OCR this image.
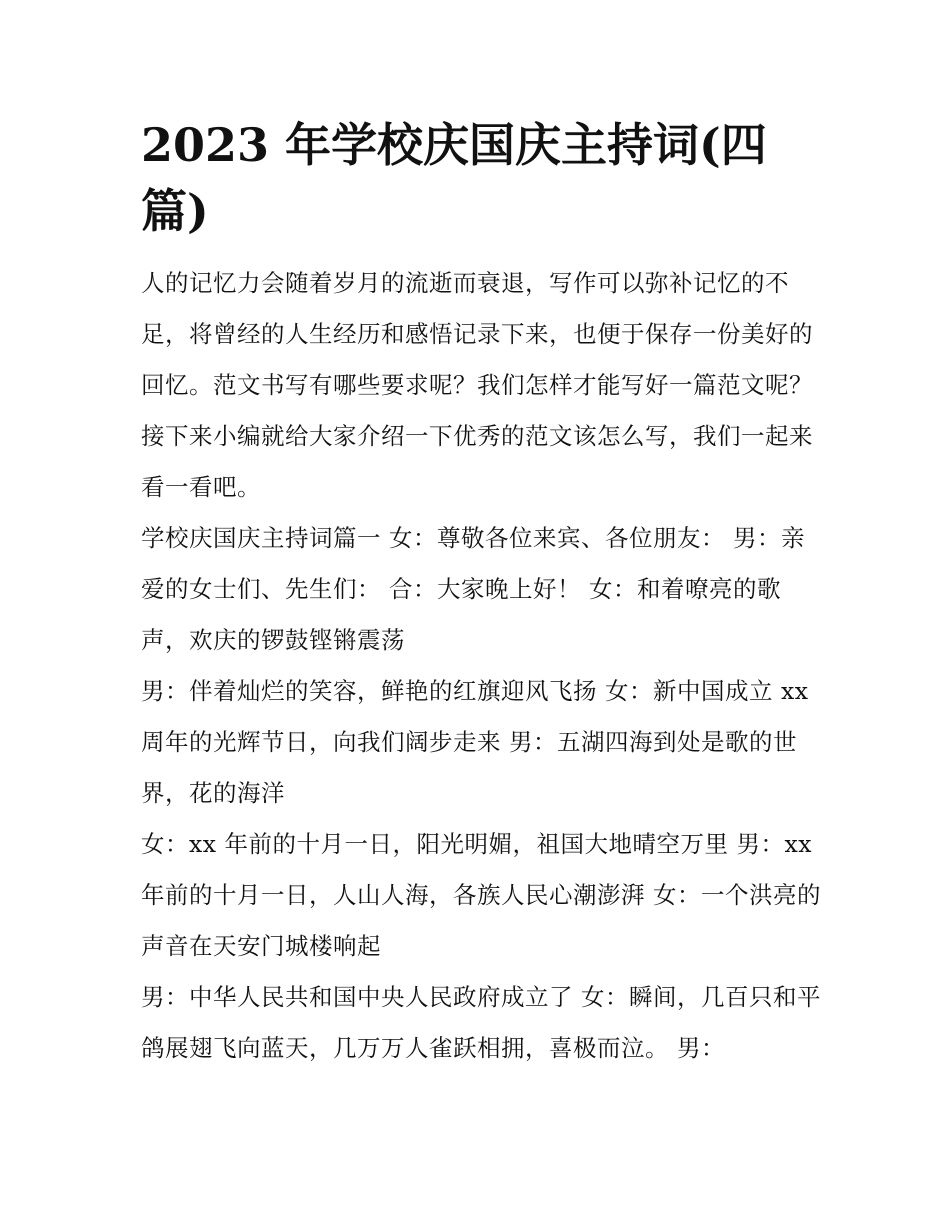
2023 年学校庆国庆主持词(四篇)

人的记忆力会随着岁月的流逝而衰退，写作可以弥补记忆的不足，将曾经的人生经历和感悟记录下来，也便于保存一份美好的回忆。范文书写有哪些要求呢？我们怎样才能写好一篇范文呢？接下来小编就给大家介绍一下优秀的范文该怎么写，我们一起来看一看吧。

学校庆国庆主持词篇一 女：尊敬各位来宾、各位朋友： 男：亲爱的女士们、先生们： 合：大家晚上好！ 女：和着嘹亮的歌声，欢庆的锣鼓铿锵震荡

男：伴着灿烂的笑容，鲜艳的红旗迎风飞扬 女：新中国成立 xx 周年的光辉节日，向我们阔步走来 男：五湖四海到处是歌的世界，花的海洋

女：xx 年前的十月一日，阳光明媚，祖国大地晴空万里 男：xx 年前的十月一日，人山人海，各族人民心潮澎湃 女：一个洪亮的声音在天安门城楼响起

男：中华人民共和国中央人民政府成立了 女：瞬间，几百只和平鸽展翅飞向蓝天，几万万人雀跃相拥，喜极而泣。 男：
